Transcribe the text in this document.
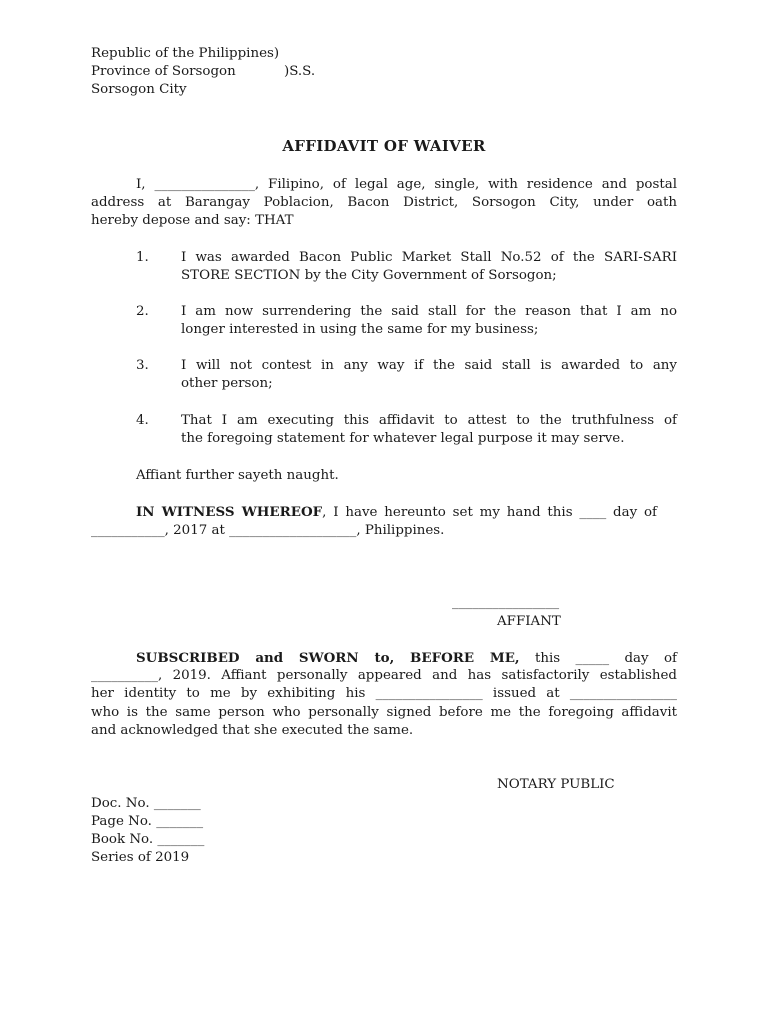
Republic of the Philippines)
Province of Sorsogon	)S.S.
Sorsogon City
AFFIDAVIT OF WAIVER
I, _______________, Filipino, of legal age, single, with residence and postal
address at Barangay Poblacion, Bacon District, Sorsogon City, under oath
hereby depose and say: THAT
1. I was awarded Bacon Public Market Stall No.52 of the SARI-SARI
STORE SECTION by the City Government of Sorsogon;
2. I am now surrendering the said stall for the reason that I am no
longer interested in using the same for my business;
3. I will not contest in any way if the said stall is awarded to any
other person;
4. That I am executing this affidavit to attest to the truthfulness of
the foregoing statement for whatever legal purpose it may serve.
Affiant further sayeth naught.
IN WITNESS WHEREOF, I have hereunto set my hand this ____ day of
___________, 2017 at ___________________, Philippines.
________________
AFFIANT
SUBSCRIBED and SWORN to, BEFORE ME, this _____ day of
__________, 2019. Affiant personally appeared and has satisfactorily established
her identity to me by exhibiting his ________________ issued at ________________
who is the same person who personally signed before me the foregoing affidavit
and acknowledged that she executed the same.
NOTARY PUBLIC
Doc. No. _______
Page No. _______
Book No. _______
Series of 2019
